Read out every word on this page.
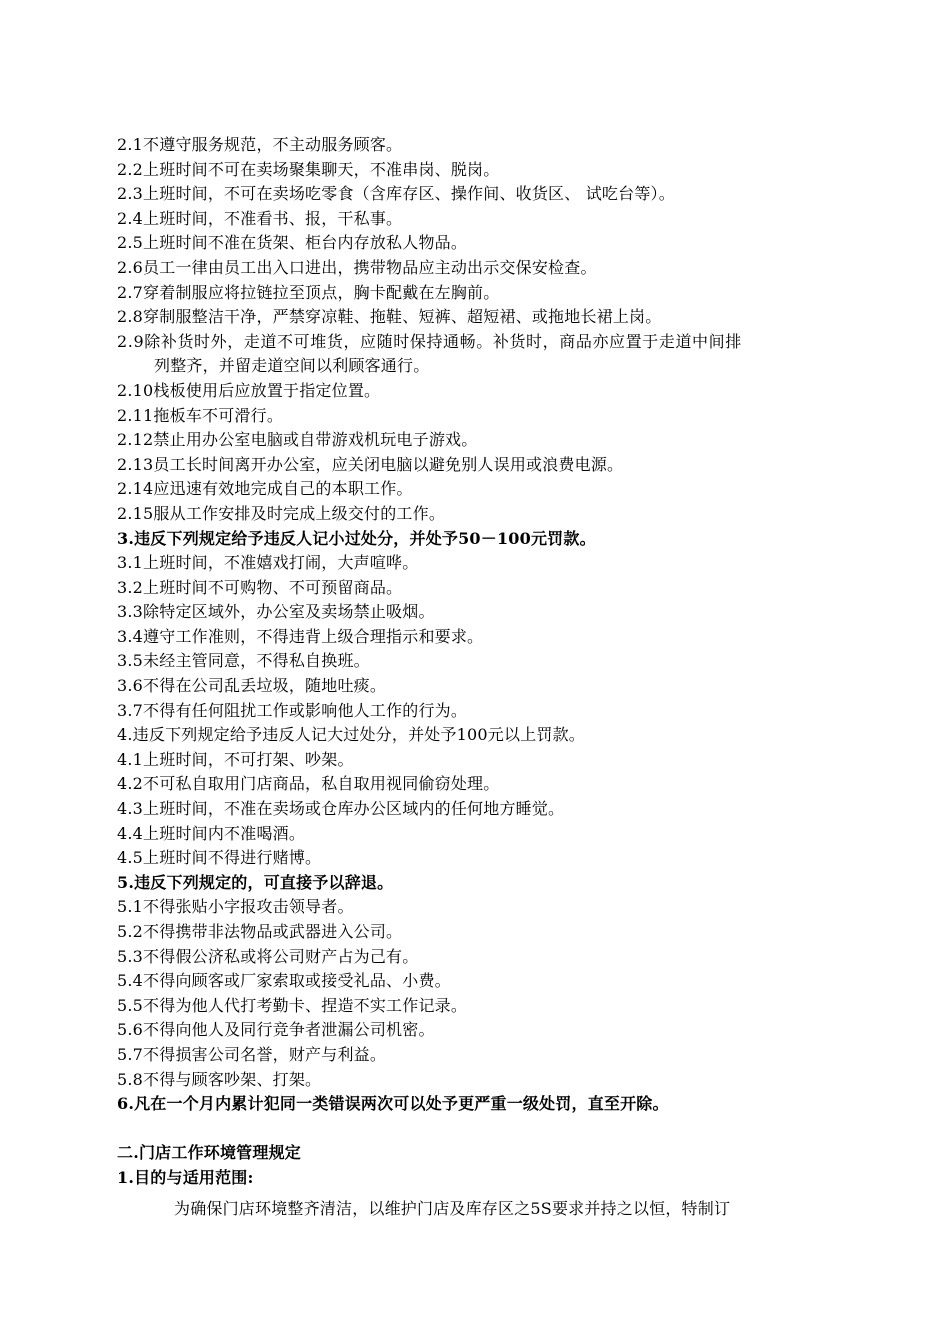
2.1不遵守服务规范，不主动服务顾客。
2.2上班时间不可在卖场聚集聊天，不准串岗、脱岗。
2.3上班时间，不可在卖场吃零食（含库存区、操作间、收货区、 试吃台等）。
2.4上班时间，不准看书、报，干私事。
2.5上班时间不准在货架、柜台内存放私人物品。
2.6员工一律由员工出入口进出，携带物品应主动出示交保安检查。
2.7穿着制服应将拉链拉至顶点，胸卡配戴在左胸前。
2.8穿制服整洁干净，严禁穿凉鞋、拖鞋、短裤、超短裙、或拖地长裙上岗。
2.9除补货时外，走道不可堆货，应随时保持通畅。补货时，商品亦应置于走道中间排
列整齐，并留走道空间以利顾客通行。
2.10栈板使用后应放置于指定位置。
2.11拖板车不可滑行。
2.12禁止用办公室电脑或自带游戏机玩电子游戏。
2.13员工长时间离开办公室，应关闭电脑以避免别人误用或浪费电源。
2.14应迅速有效地完成自己的本职工作。
2.15服从工作安排及时完成上级交付的工作。
3.违反下列规定给予违反人记小过处分，并处予50－100元罚款。
3.1上班时间，不准嬉戏打闹，大声喧哗。
3.2上班时间不可购物、不可预留商品。
3.3除特定区域外，办公室及卖场禁止吸烟。
3.4遵守工作准则，不得违背上级合理指示和要求。
3.5未经主管同意，不得私自换班。
3.6不得在公司乱丢垃圾，随地吐痰。
3.7不得有任何阻扰工作或影响他人工作的行为。
4.违反下列规定给予违反人记大过处分，并处予100元以上罚款。
4.1上班时间，不可打架、吵架。
4.2不可私自取用门店商品，私自取用视同偷窃处理。
4.3上班时间，不准在卖场或仓库办公区域内的任何地方睡觉。
4.4上班时间内不准喝酒。
4.5上班时间不得进行赌博。
5.违反下列规定的，可直接予以辞退。
5.1不得张贴小字报攻击领导者。
5.2不得携带非法物品或武器进入公司。
5.3不得假公济私或将公司财产占为己有。
5.4不得向顾客或厂家索取或接受礼品、小费。
5.5不得为他人代打考勤卡、捏造不实工作记录。
5.6不得向他人及同行竞争者泄漏公司机密。
5.7不得损害公司名誉，财产与利益。
5.8不得与顾客吵架、打架。
6.凡在一个月内累计犯同一类错误两次可以处予更严重一级处罚，直至开除。
二.门店工作环境管理规定
1.目的与适用范围:
为确保门店环境整齐清洁，以维护门店及库存区之5S要求并持之以恒，特制订
